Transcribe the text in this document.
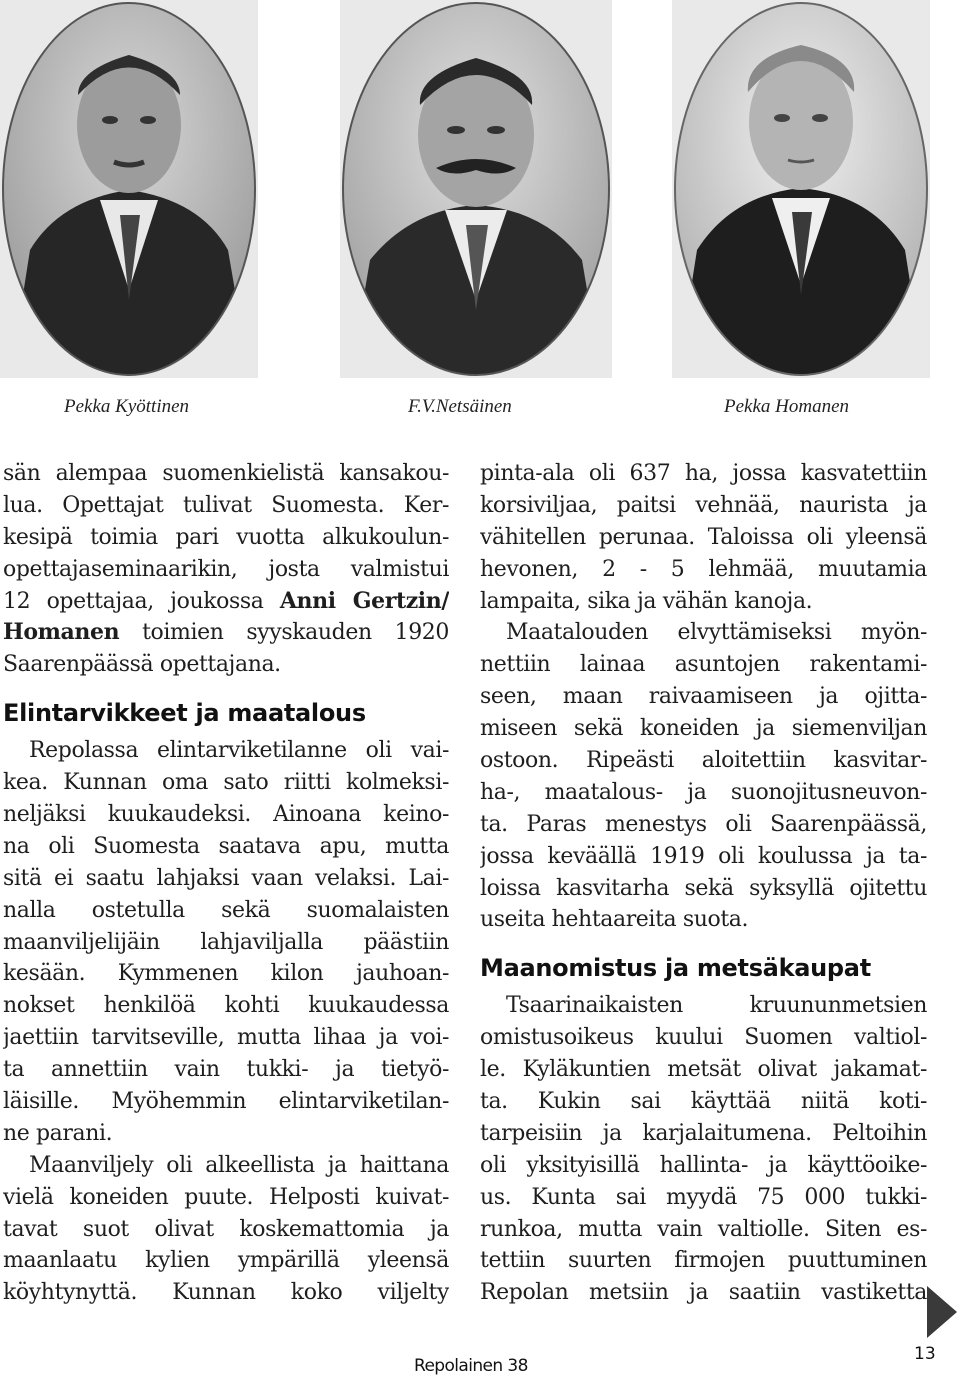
Pekka Kyöttinen	F.V.Netsäinen	Pekka Homanen
sän alempaa suomenkielistä kansakou-
lua. Opettajat tulivat Suomesta. Ker-
kesipä toimia pari vuotta alkukoulun-
opettajaseminaarikin, josta valmistui
12 opettajaa, joukossa Anni Gertzin/
Homanen toimien syyskauden 1920
Saarenpäässä opettajana.
Elintarvikkeet ja maatalous
Repolassa elintarviketilanne oli vai-
kea. Kunnan oma sato riitti kolmeksi-
neljäksi kuukaudeksi. Ainoana keino-
na oli Suomesta saatava apu, mutta
sitä ei saatu lahjaksi vaan velaksi. Lai-
nalla ostetulla sekä suomalaisten
maanviljelijäin lahjaviljalla päästiin
kesään. Kymmenen kilon jauhoan-
nokset henkilöä kohti kuukaudessa
jaettiin tarvitseville, mutta lihaa ja voi-
ta annettiin vain tukki- ja tietyö-
läisille. Myöhemmin elintarviketilan-
ne parani.
Maanviljely oli alkeellista ja haittana
vielä koneiden puute. Helposti kuivat-
tavat suot olivat koskemattomia ja
maanlaatu kylien ympärillä yleensä
köyhtynyttä. Kunnan koko viljelty
pinta-ala oli 637 ha, jossa kasvatettiin
korsiviljaa, paitsi vehnää, naurista ja
vähitellen perunaa. Taloissa oli yleensä
hevonen, 2 - 5 lehmää, muutamia
lampaita, sika ja vähän kanoja.
Maatalouden elvyttämiseksi myön-
nettiin lainaa asuntojen rakentami-
seen, maan raivaamiseen ja ojitta-
miseen sekä koneiden ja siemenviljan
ostoon. Ripeästi aloitettiin kasvitar-
ha-, maatalous- ja suonojitusneuvon-
ta. Paras menestys oli Saarenpäässä,
jossa keväällä 1919 oli koulussa ja ta-
loissa kasvitarha sekä syksyllä ojitettu
useita hehtaareita suota.
Maanomistus ja metsäkaupat
Tsaarinaikaisten kruununmetsien
omistusoikeus kuului Suomen valtiol-
le. Kyläkuntien metsät olivat jakamat-
ta. Kukin sai käyttää niitä koti-
tarpeisiin ja karjalaitumena. Peltoihin
oli yksityisillä hallinta- ja käyttöoike-
us. Kunta sai myydä 75 000 tukki-
runkoa, mutta vain valtiolle. Siten es-
tettiin suurten firmojen puuttuminen
Repolan metsiin ja saatiin vastiketta
Repolainen 38
13
